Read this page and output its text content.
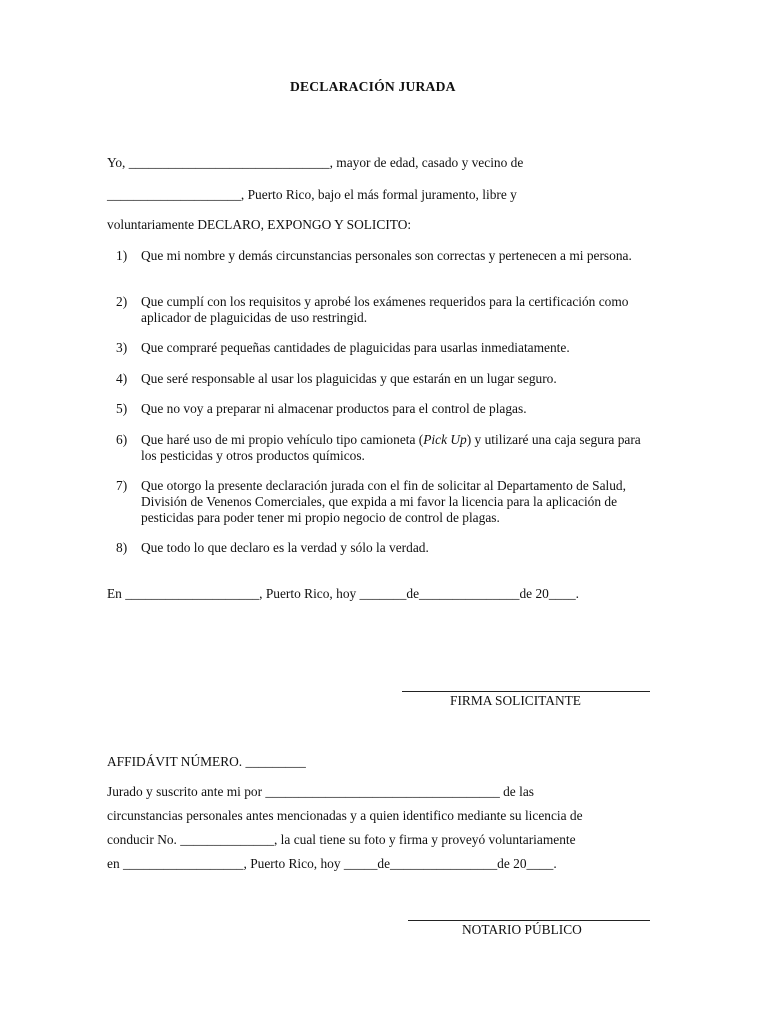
DECLARACIÓN JURADA
Yo, ______________________________, mayor de edad, casado y vecino de
____________________, Puerto Rico, bajo el más formal juramento, libre y
voluntariamente DECLARO, EXPONGO Y SOLICITO:
1) Que mi nombre y demás circunstancias personales son correctas y pertenecen a mi persona.
2) Que cumplí con los requisitos y aprobé los exámenes requeridos para la certificación como aplicador de plaguicidas de uso restringid.
3) Que compraré pequeñas cantidades de plaguicidas para usarlas inmediatamente.
4) Que seré responsable al usar los plaguicidas y que estarán en un lugar seguro.
5) Que no voy a preparar ni almacenar productos para el control de plagas.
6) Que haré uso de mi propio vehículo tipo camioneta (Pick Up) y utilizaré una caja segura para los pesticidas y otros productos químicos.
7) Que otorgo la presente declaración jurada con el fin de solicitar al Departamento de Salud, División de Venenos Comerciales, que expida a mi favor la licencia para la aplicación de pesticidas para poder tener mi propio negocio de control de plagas.
8) Que todo lo que declaro es la verdad y sólo la verdad.
En ____________________, Puerto Rico, hoy _______de_______________de 20____.
FIRMA SOLICITANTE
AFFIDÁVIT NÚMERO. _________
Jurado y suscrito ante mi por ___________________________________ de las
circunstancias personales antes mencionadas y a quien identifico mediante su licencia de
conducir No. ______________, la cual tiene su foto y firma y proveyó voluntariamente
en __________________, Puerto Rico, hoy _____de________________de 20____.
NOTARIO PÚBLICO
